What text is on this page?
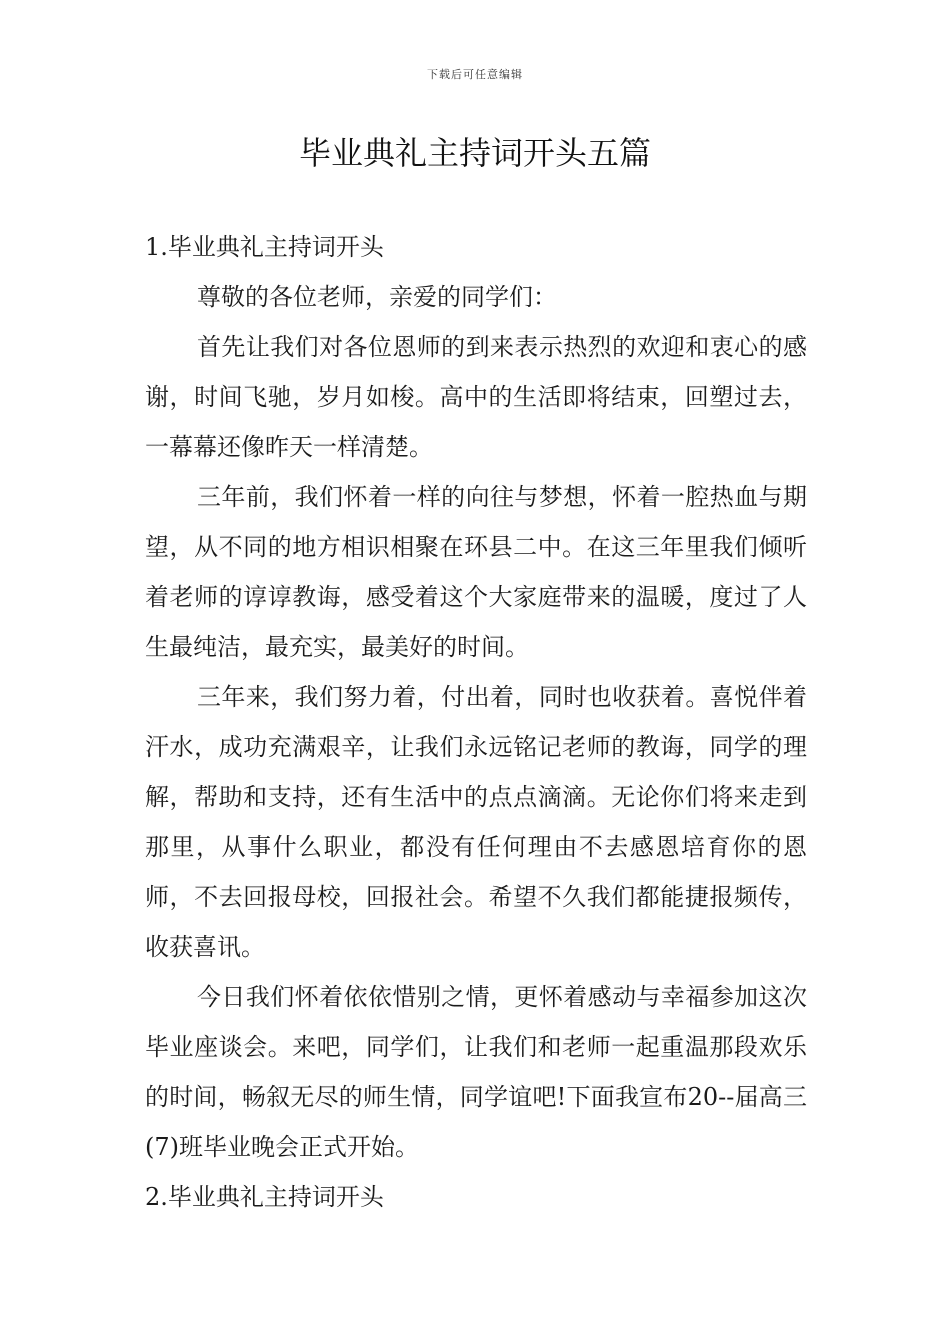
下载后可任意编辑
毕业典礼主持词开头五篇

1.毕业典礼主持词开头

尊敬的各位老师，亲爱的同学们：

首先让我们对各位恩师的到来表示热烈的欢迎和衷心的感谢，时间飞驰，岁月如梭。高中的生活即将结束，回塑过去，一幕幕还像昨天一样清楚。

三年前，我们怀着一样的向往与梦想，怀着一腔热血与期望，从不同的地方相识相聚在环县二中。在这三年里我们倾听着老师的谆谆教诲，感受着这个大家庭带来的温暖，度过了人生最纯洁，最充实，最美好的时间。

三年来，我们努力着，付出着，同时也收获着。喜悦伴着汗水，成功充满艰辛，让我们永远铭记老师的教诲，同学的理解，帮助和支持，还有生活中的点点滴滴。无论你们将来走到那里，从事什么职业，都没有任何理由不去感恩培育你的恩师，不去回报母校，回报社会。希望不久我们都能捷报频传，收获喜讯。

今日我们怀着依依惜别之情，更怀着感动与幸福参加这次毕业座谈会。来吧，同学们，让我们和老师一起重温那段欢乐的时间，畅叙无尽的师生情，同学谊吧!下面我宣布20--届高三(7)班毕业晚会正式开始。

2.毕业典礼主持词开头
